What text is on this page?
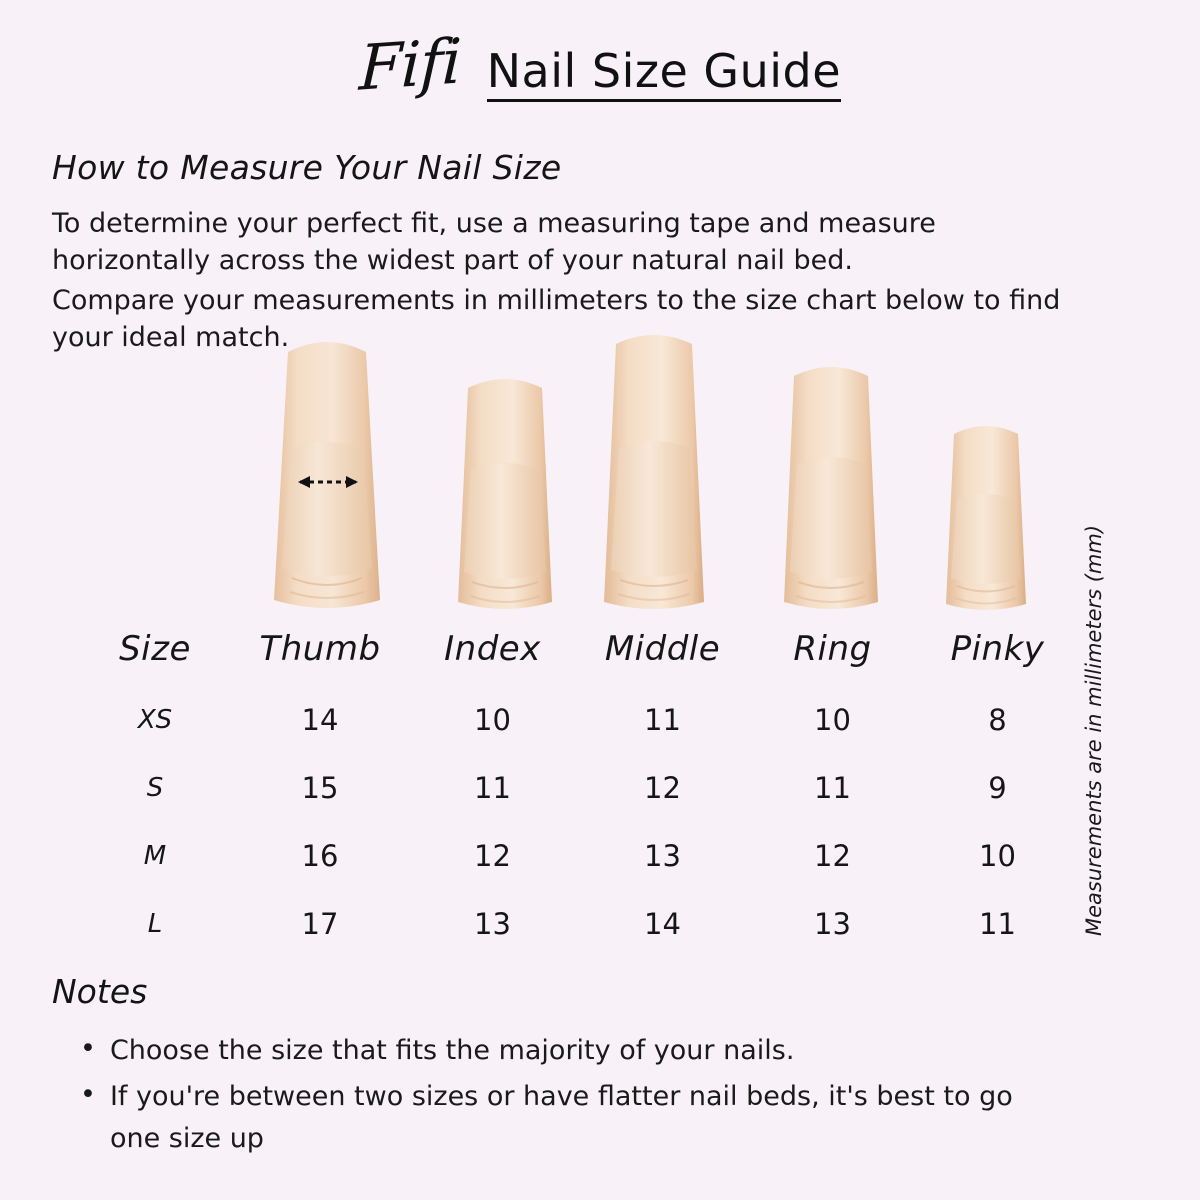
Fifi Nail Size Guide
How to Measure Your Nail Size

To determine your perfect fit, use a measuring tape and measure horizontally across the widest part of your natural nail bed.

Compare your measurements in millimeters to the size chart below to find your ideal match.

Size	Thumb	Index	Middle	Ring	Pinky
XS	14	10	11	10	8
S	15	11	12	11	9
M	16	12	13	12	10
L	17	13	14	13	11	Measurements are in millimeters (mm)
Notes
• Choose the size that fits the majority of your nails.
• If you're between two sizes or have flatter nail beds, it's best to go one size up
